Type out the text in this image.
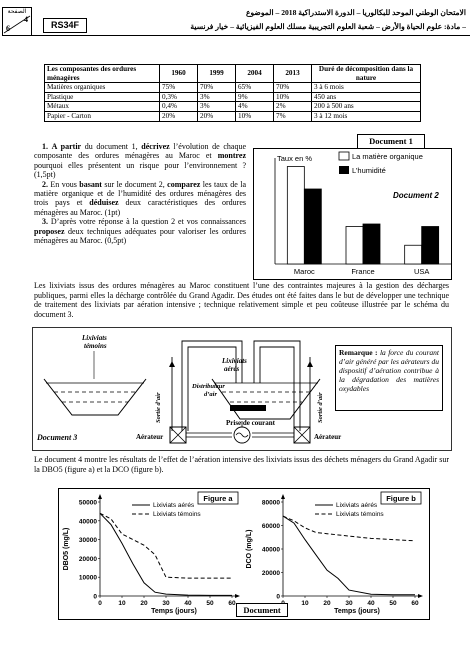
الصفحة
4
6	RS34F
الامتحان الوطني الموحد للبكالوريا – الدورة الاستدراكية 2018 – الموضوع
– مادة: علوم الحياة والأرض – شعبة العلوم التجريبية مسلك العلوم الفيزيائية – خيار فرنسية
Les composantes des ordures ménagères	1960	1999	2004	2013	Duré de décomposition dans la nature
Matières organiques	75%	70%	65%	70%	3 à 6 mois
Plastique	0,3%	3%	9%	10%	450 ans
Métaux	0,4%	3%	4%	2%	200 à 500 ans
Papier - Carton	20%	20%	10%	7%	3 à 12 mois
Document 1
1. A partir du document 1, décrivez l’évolution de chaque composante des ordures ménagères au Maroc et montrez pourquoi elles présentent un risque pour l’environnement ? (1,5pt)
2. En vous basant sur le document 2, comparez les taux de la matière organique et de l’humidité des ordures ménagères des trois pays et déduisez deux caractéristiques des ordures ménagères au Maroc. (1pt)
3. D’après votre réponse à la question 2 et vos connaissances proposez deux techniques adéquates pour valoriser les ordures ménagères au Maroc. (0,5pt)
Taux en %	La matière organique
L’humidité
Maroc	France	USA
Document 2
Les lixiviats issus des ordures ménagères au Maroc constituent l’une des contraintes majeures à la gestion des décharges publiques, parmi elles la décharge contrôlée du Grand Agadir. Des études ont été faites dans le but de développer une technique de traitement des lixiviats par aération intensive ; technique relativement simple et peu coûteuse illustrée par le schéma du document 3.
Lixiviats témoins
Lixiviats aérés
Sortie d’air	Sortie d’air
Distributeur d’air
Aérateur	Aérateur
Prise de courant
Document 3
Remarque : la force du courant d’air généré par les aérateurs du dispositif d’aération contribue à la dégradation des matières oxydables
Le document 4 montre les résultats de l’effet de l’aération intensive des lixiviats issus des déchets ménagers du Grand Agadir sur la DBO5 (figure a) et la DCO (figure b).
0
10000
20000
30000
40000
50000
0	10 20 30 40 50 60
Temps (jours)
DBO5 (mg/L)
Lixiviats aérés
Lixiviats témoins
Figure a
0
20000
40000
60000
80000
10 20 30 40 50 60
Temps (jours)
DCO (mg/L)
Lixiviats aérés
Lixiviats témoins
Figure b
Document
